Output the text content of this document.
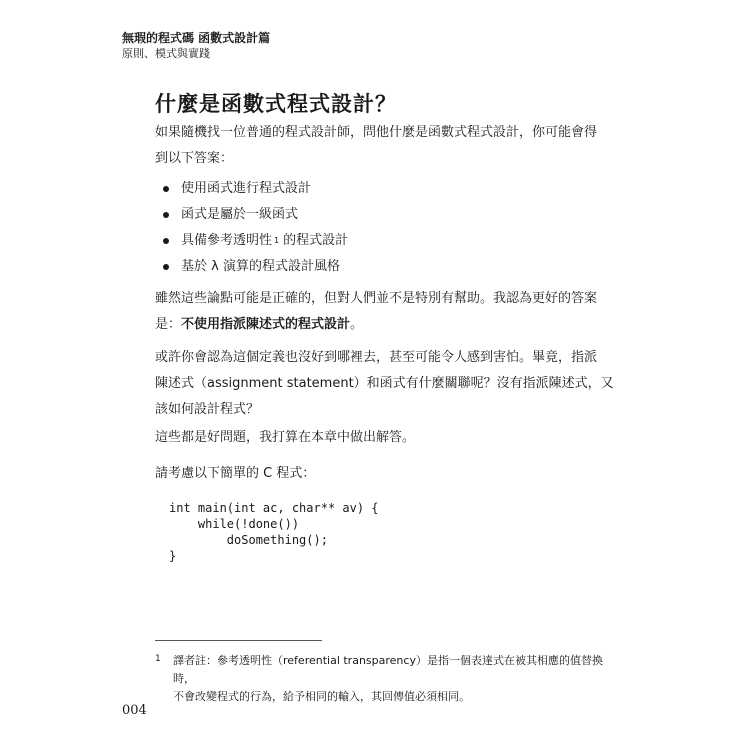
無瑕的程式碼 函數式設計篇
原則、模式與實踐
什麼是函數式程式設計？
如果隨機找一位普通的程式設計師，問他什麼是函數式程式設計，你可能會得
到以下答案：
使用函式進行程式設計
函式是屬於一級函式
具備參考透明性 1 的程式設計
基於 λ 演算的程式設計風格
雖然這些論點可能是正確的，但對人們並不是特別有幫助。我認為更好的答案
是：不使用指派陳述式的程式設計。
或許你會認為這個定義也沒好到哪裡去，甚至可能令人感到害怕。畢竟，指派
陳述式（assignment statement）和函式有什麼關聯呢？沒有指派陳述式，又
該如何設計程式？
這些都是好問題，我打算在本章中做出解答。
請考慮以下簡單的 C 程式：
int main(int ac, char** av) {
while(!done())
doSomething();
}
1 譯者註：參考透明性（referential transparency）是指一個表達式在被其相應的值替換時，
不會改變程式的行為，給予相同的輸入，其回傳值必須相同。
004
